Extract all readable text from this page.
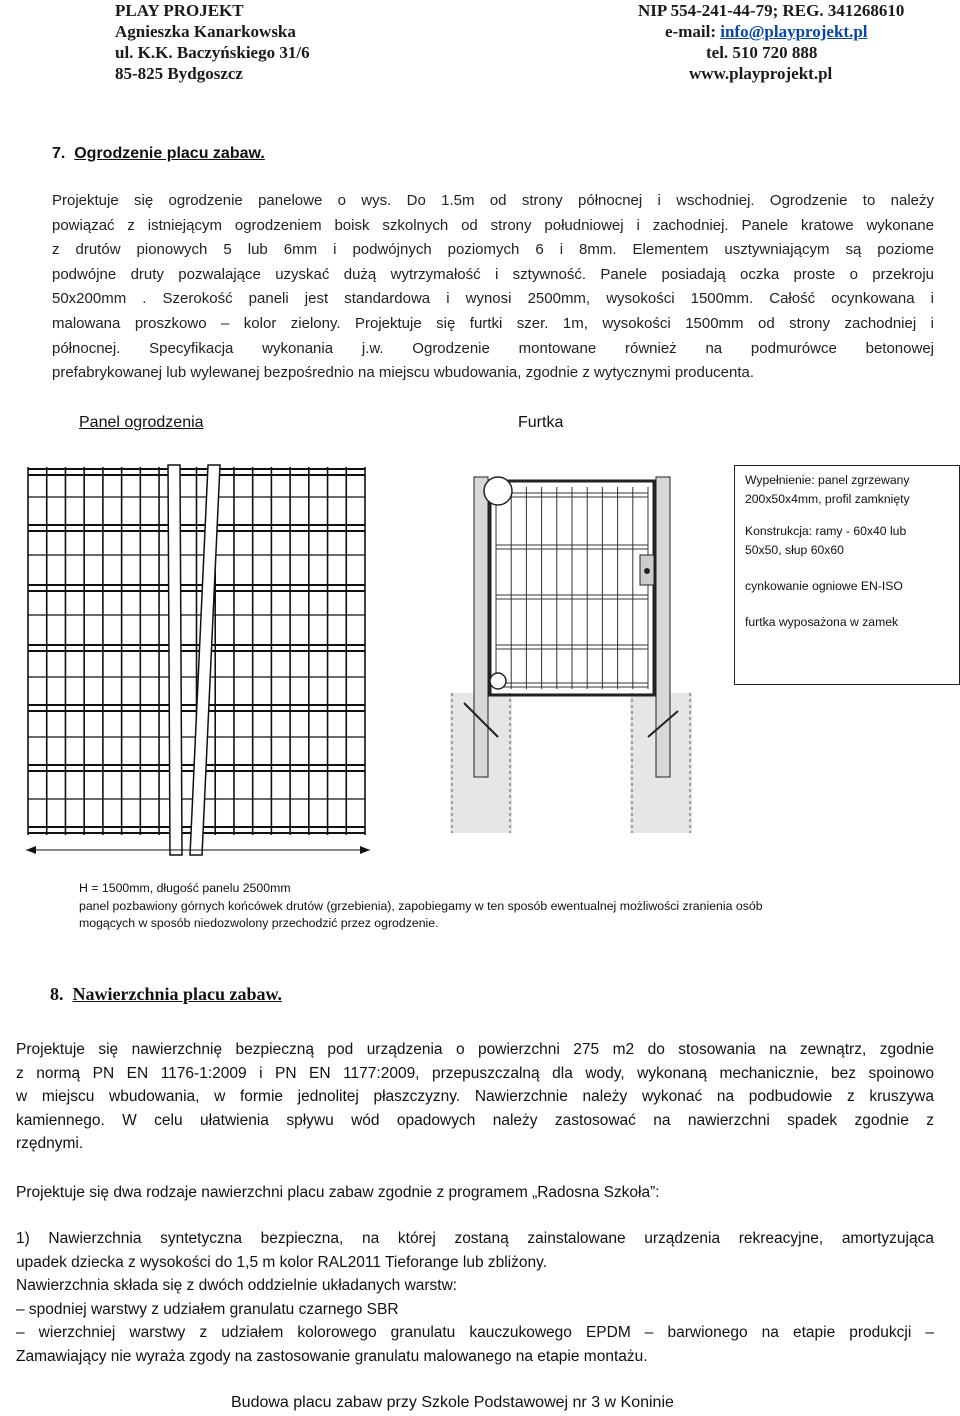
PLAY PROJEKT
Agnieszka Kanarkowska
ul. K.K. Baczyńskiego 31/6
85-825 Bydgoszcz
NIP 554-241-44-79; REG. 341268610
e-mail: info@playprojekt.pl
tel. 510 720 888
www.playprojekt.pl
7. Ogrodzenie placu zabaw.

Projektuje się ogrodzenie panelowe o wys. Do 1.5m od strony północnej i wschodniej. Ogrodzenie to należy

powiązać z istniejącym ogrodzeniem boisk szkolnych od strony południowej i zachodniej. Panele kratowe wykonane

z drutów pionowych 5 lub 6mm i podwójnych poziomych 6 i 8mm. Elementem usztywniającym są poziome

podwójne druty pozwalające uzyskać dużą wytrzymałość i sztywność. Panele posiadają oczka proste o przekroju

50x200mm . Szerokość paneli jest standardowa i wynosi 2500mm, wysokości 1500mm. Całość ocynkowana i

malowana proszkowo – kolor zielony. Projektuje się furtki szer. 1m, wysokości 1500mm od strony zachodniej i

północnej. Specyfikacja wykonania j.w. Ogrodzenie montowane również na podmurówce betonowej

prefabrykowanej lub wylewanej bezpośrednio na miejscu wbudowania, zgodnie z wytycznymi producenta.

Panel ogrodzenia	Furtka

Wypełnienie: panel zgrzewany

200x50x4mm, profil zamknięty

Konstrukcja: ramy - 60x40 lub

50x50, słup 60x60

cynkowanie ogniowe EN-ISO

furtka wyposażona w zamek

H = 1500mm, długość panelu 2500mm

panel pozbawiony górnych końcówek drutów (grzebienia), zapobiegamy w ten sposób ewentualnej możliwości zranienia osób

mogących w sposób niedozwolony przechodzić przez ogrodzenie.

8. Nawierzchnia placu zabaw.

Projektuje się nawierzchnię bezpieczną pod urządzenia o powierzchni 275 m2 do stosowania na zewnątrz, zgodnie

z normą PN EN 1176-1:2009 i PN EN 1177:2009, przepuszczalną dla wody, wykonaną mechanicznie, bez spoinowo

w miejscu wbudowania, w formie jednolitej płaszczyzny. Nawierzchnie należy wykonać na podbudowie z kruszywa

kamiennego. W celu ułatwienia spływu wód opadowych należy zastosować na nawierzchni spadek zgodnie z

rzędnymi.

Projektuje się dwa rodzaje nawierzchni placu zabaw zgodnie z programem „Radosna Szkoła”:

1) Nawierzchnia syntetyczna bezpieczna, na której zostaną zainstalowane urządzenia rekreacyjne, amortyzująca

upadek dziecka z wysokości do 1,5 m kolor RAL2011 Tieforange lub zbliżony.

Nawierzchnia składa się z dwóch oddzielnie układanych warstw:

– spodniej warstwy z udziałem granulatu czarnego SBR

– wierzchniej warstwy z udziałem kolorowego granulatu kauczukowego EPDM – barwionego na etapie produkcji –

Zamawiający nie wyraża zgody na zastosowanie granulatu malowanego na etapie montażu.

Budowa placu zabaw przy Szkole Podstawowej nr 3 w Koninie
